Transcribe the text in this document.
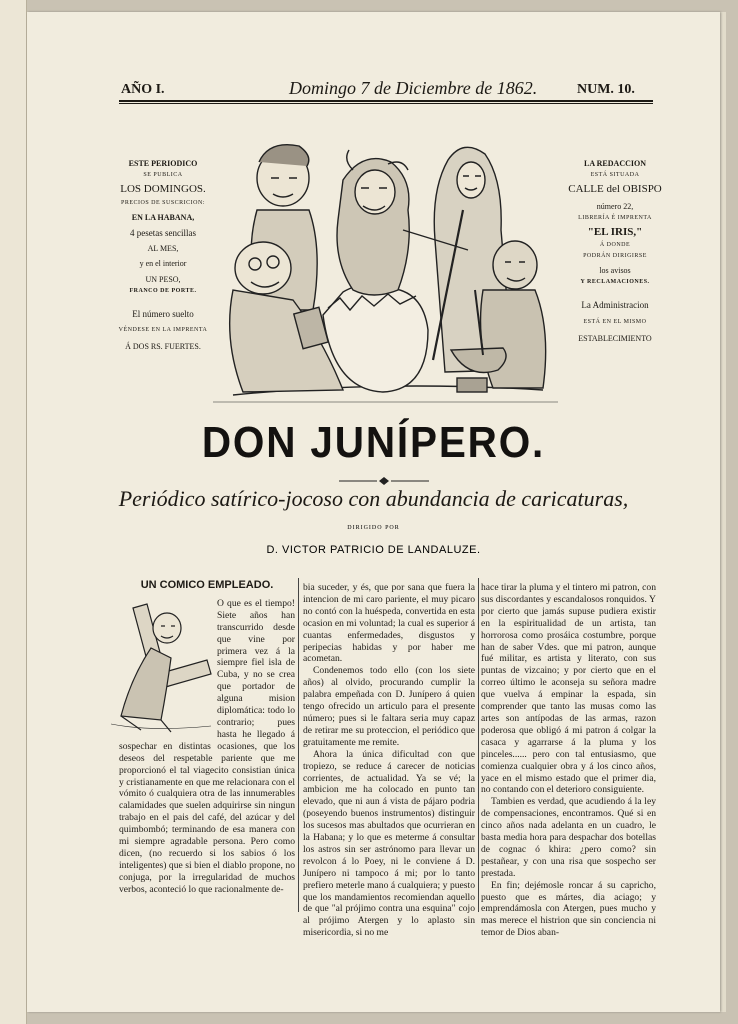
AÑO I.	Domingo 7 de Diciembre de 1862.	NUM. 10.
ESTE PERIODICO
SE PUBLICA
LOS DOMINGOS.
PRECIOS DE SUSCRICION:
EN LA HABANA,
4 pesetas sencillas
AL MES,
y en el interior
UN PESO,
FRANCO DE PORTE.
El número suelto
VÉNDESE EN LA IMPRENTA
Á DOS RS. FUERTES.
LA REDACCION
ESTÁ SITUADA
CALLE del OBISPO
número 22,
LIBRERÍA É IMPRENTA
"EL IRIS,"
Á DONDE
PODRÁN DIRIGIRSE
los avisos
Y RECLAMACIONES.
La Administracion
ESTÁ EN EL MISMO
ESTABLECIMIENTO
DON JUNÍPERO.
Periódico satírico-jocoso con abundancia de caricaturas,
DIRIGIDO POR
D. VICTOR PATRICIO DE LANDALUZE.
UN COMICO EMPLEADO.

O que es el tiempo! Siete años han transcurrido desde que vine por primera vez á la siempre fiel isla de Cuba, y no se crea que portador de alguna mision diplomática: todo lo contrario; pues hasta he llegado á sospechar en distintas ocasiones, que los deseos del respetable pariente que me proporcionó el tal viagecito consistian única y cristianamente en que me relacionara con el vómito ó cualquiera otra de las innumerables calamidades que suelen adquirirse sin ningun trabajo en el pais del café, del azúcar y del quimbombó; terminando de esa manera con mi siempre agradable persona. Pero como dicen, (no recuerdo si los sabios ó los inteligentes) que si bien el diablo propone, no conjuga, por la irregularidad de muchos verbos, aconteció lo que racionalmente de-

bia suceder, y és, que por sana que fuera la intencion de mi caro pariente, el muy picaro no contó con la huéspeda, convertida en esta ocasion en mi voluntad; la cual es superior á cuantas enfermedades, disgustos y peripecias habidas y por haber me acometan.

Condenemos todo ello (con los siete años) al olvido, procurando cumplir la palabra empeñada con D. Junípero á quien tengo ofrecido un articulo para el presente número; pues si le faltara seria muy capaz de retirar me su proteccion, el periódico que gratuitamente me remite.

Ahora la única dificultad con que tropiezo, se reduce á carecer de noticias corrientes, de actualidad. Ya se vé; la ambicion me ha colocado en punto tan elevado, que ni aun á vista de pájaro podria (poseyendo buenos instrumentos) distinguir los sucesos mas abultados que ocurrieran en la Habana; y lo que es meterme á consultar los astros sin ser astrónomo para llevar un revolcon á lo Poey, ni le conviene á D. Junípero ni tampoco á mi; por lo tanto prefiero meterle mano á cualquiera; y puesto que los mandamientos recomiendan aquello de que "al prójimo contra una esquina" cojo al prójimo Atergen y lo aplasto sin misericordia, si no me

hace tirar la pluma y el tintero mi patron, con sus discordantes y escandalosos ronquidos. Y por cierto que jamás supuse pudiera existir en la espiritualidad de un artista, tan horrorosa como prosáica costumbre, porque han de saber Vdes. que mi patron, aunque fué militar, es artista y literato, con sus puntas de vizcaino; y por cierto que en el correo último le aconseja su señora madre que vuelva á empinar la espada, sin comprender que tanto las musas como las artes son antípodas de las armas, razon poderosa que obligó á mi patron á colgar la casaca y agarrarse á la pluma y los pinceles...... pero con tal entusiasmo, que comienza cualquier obra y á los cinco años, yace en el mismo estado que el primer dia, no contando con el deterioro consiguiente.

Tambien es verdad, que acudiendo á la ley de compensaciones, encontramos. Qué si en cinco años nada adelanta en un cuadro, le basta media hora para despachar dos botellas de cognac ó khira: ¿pero como? sin pestañear, y con una risa que sospecho ser prestada.

En fin; dejémosle roncar á su capricho, puesto que es mártes, dia aciago; y emprendámosla con Atergen, pues mucho y mas merece el histrion que sin conciencia ni temor de Dios aban-
